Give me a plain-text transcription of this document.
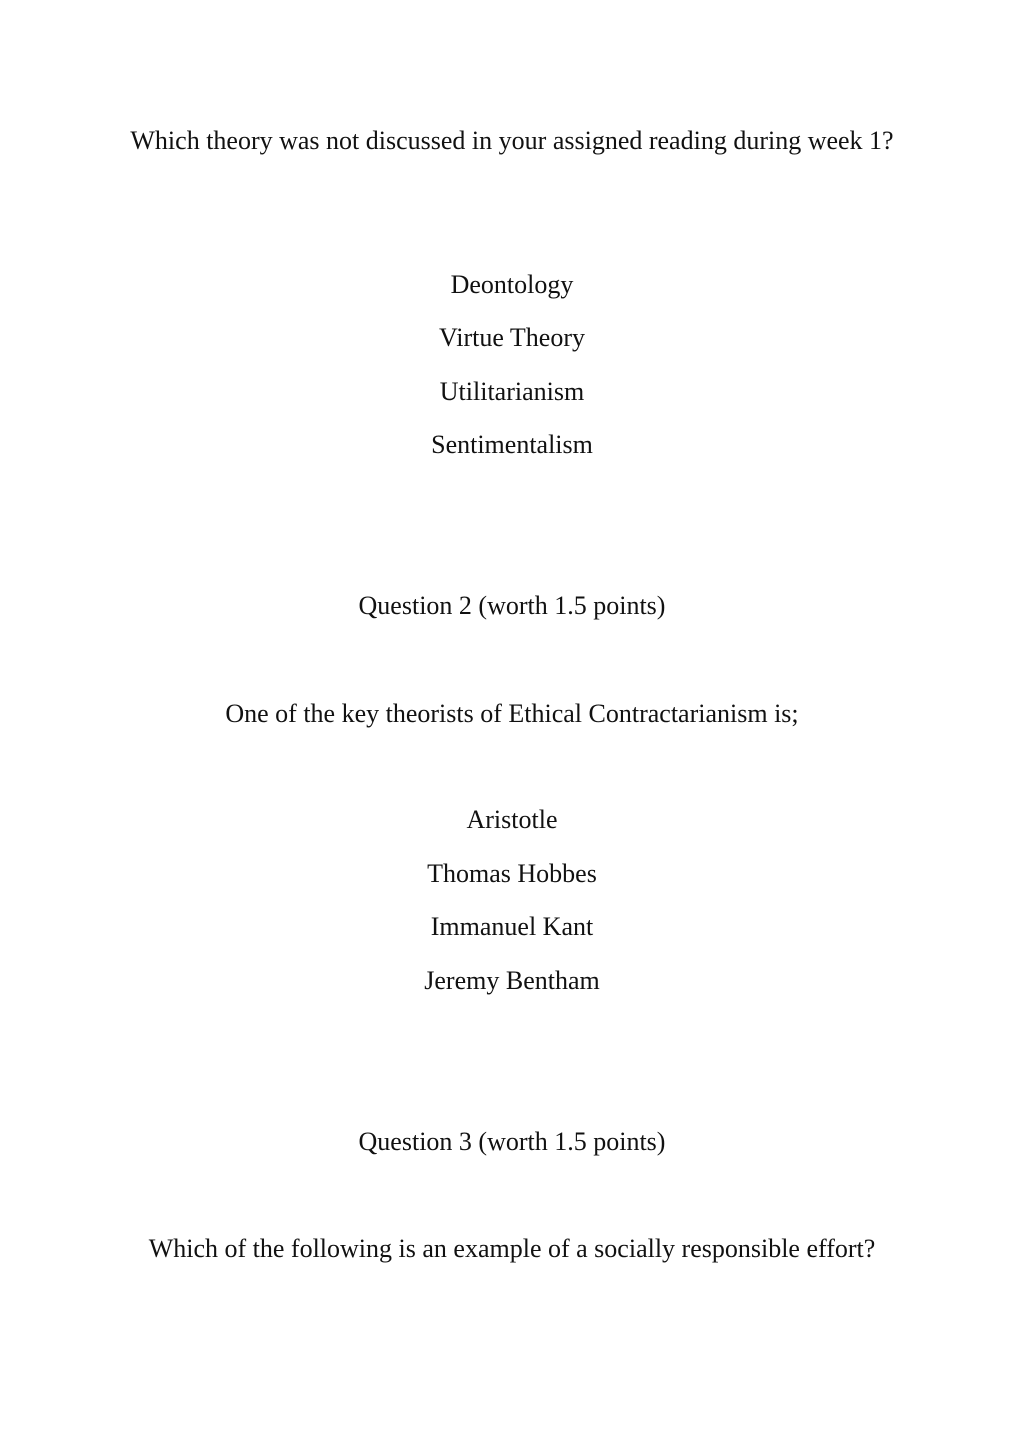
Which theory was not discussed in your assigned reading during week 1?
Deontology
Virtue Theory
Utilitarianism
Sentimentalism
Question 2 (worth 1.5 points)
One of the key theorists of Ethical Contractarianism is;
Aristotle
Thomas Hobbes
Immanuel Kant
Jeremy Bentham
Question 3 (worth 1.5 points)
Which of the following is an example of a socially responsible effort?
